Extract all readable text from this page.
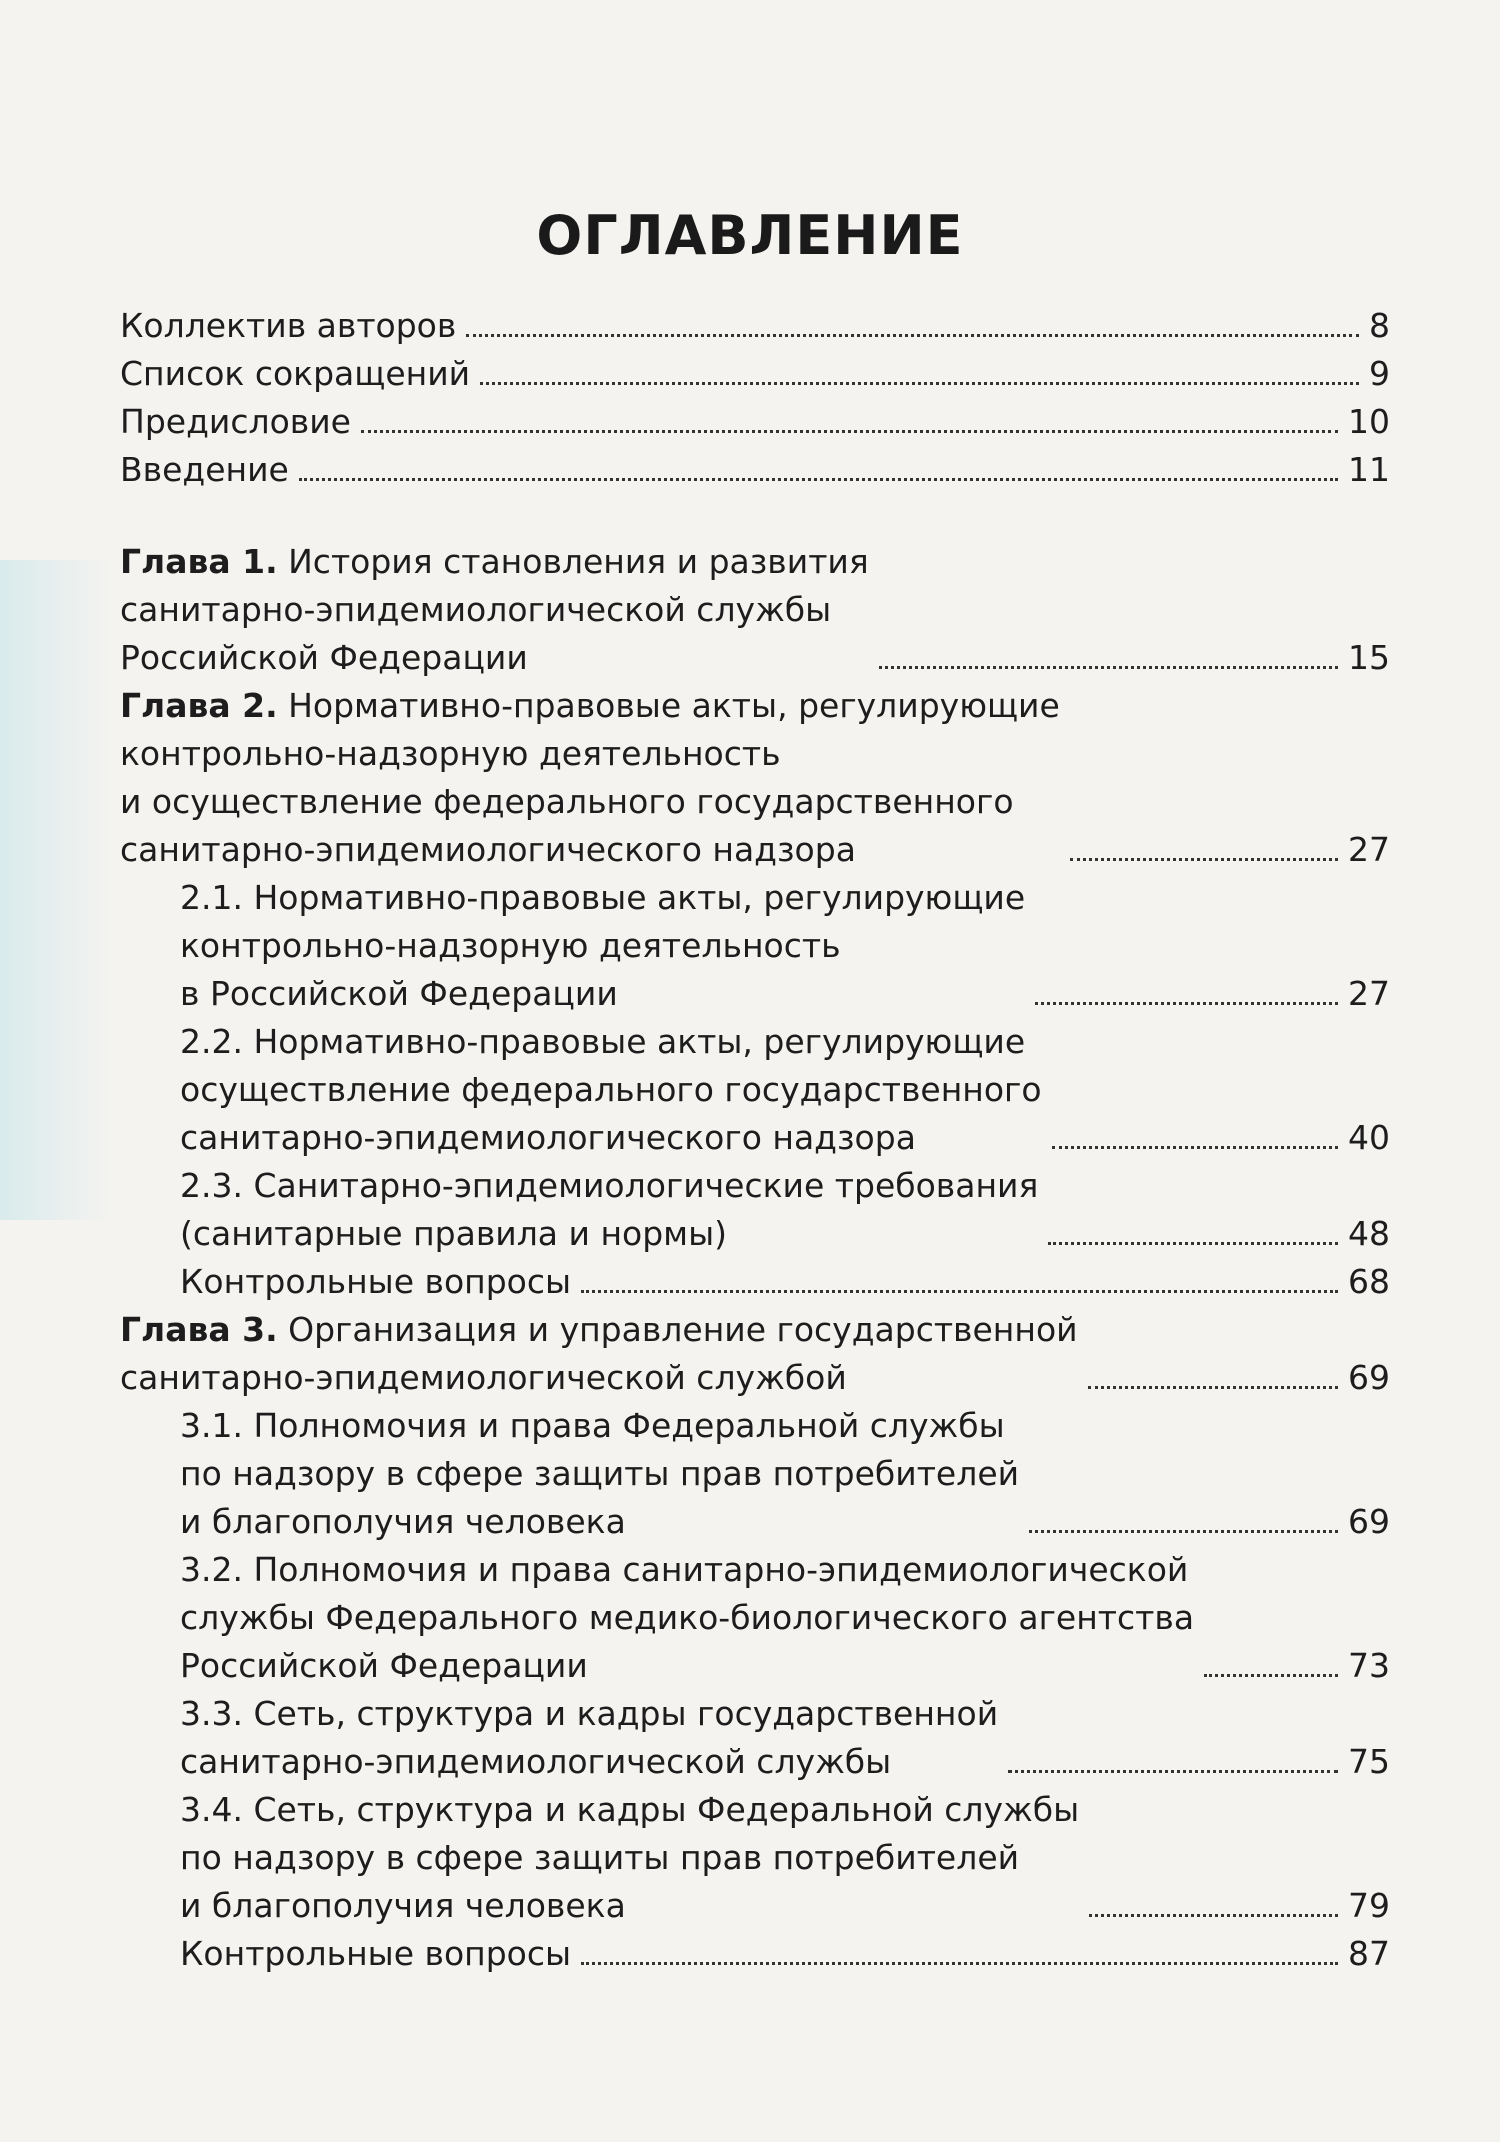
ОГЛАВЛЕНИЕ
Коллектив авторов	8
Список сокращений	9
Предисловие	10
Введение	11
Глава 1. История становления и развития
санитарно-эпидемиологической службы
Российской Федерации	15
Глава 2. Нормативно-правовые акты, регулирующие
контрольно-надзорную деятельность
и осуществление федерального государственного
санитарно-эпидемиологического надзора	27
2.1. Нормативно-правовые акты, регулирующие
контрольно-надзорную деятельность
в Российской Федерации	27
2.2. Нормативно-правовые акты, регулирующие
осуществление федерального государственного
санитарно-эпидемиологического надзора	40
2.3. Санитарно-эпидемиологические требования
(санитарные правила и нормы)	48
Контрольные вопросы	68
Глава 3. Организация и управление государственной
санитарно-эпидемиологической службой	69
3.1. Полномочия и права Федеральной службы
по надзору в сфере защиты прав потребителей
и благополучия человека	69
3.2. Полномочия и права санитарно-эпидемиологической
службы Федерального медико-биологического агентства
Российской Федерации	73
3.3. Сеть, структура и кадры государственной
санитарно-эпидемиологической службы	75
3.4. Сеть, структура и кадры Федеральной службы
по надзору в сфере защиты прав потребителей
и благополучия человека	79
Контрольные вопросы	87
